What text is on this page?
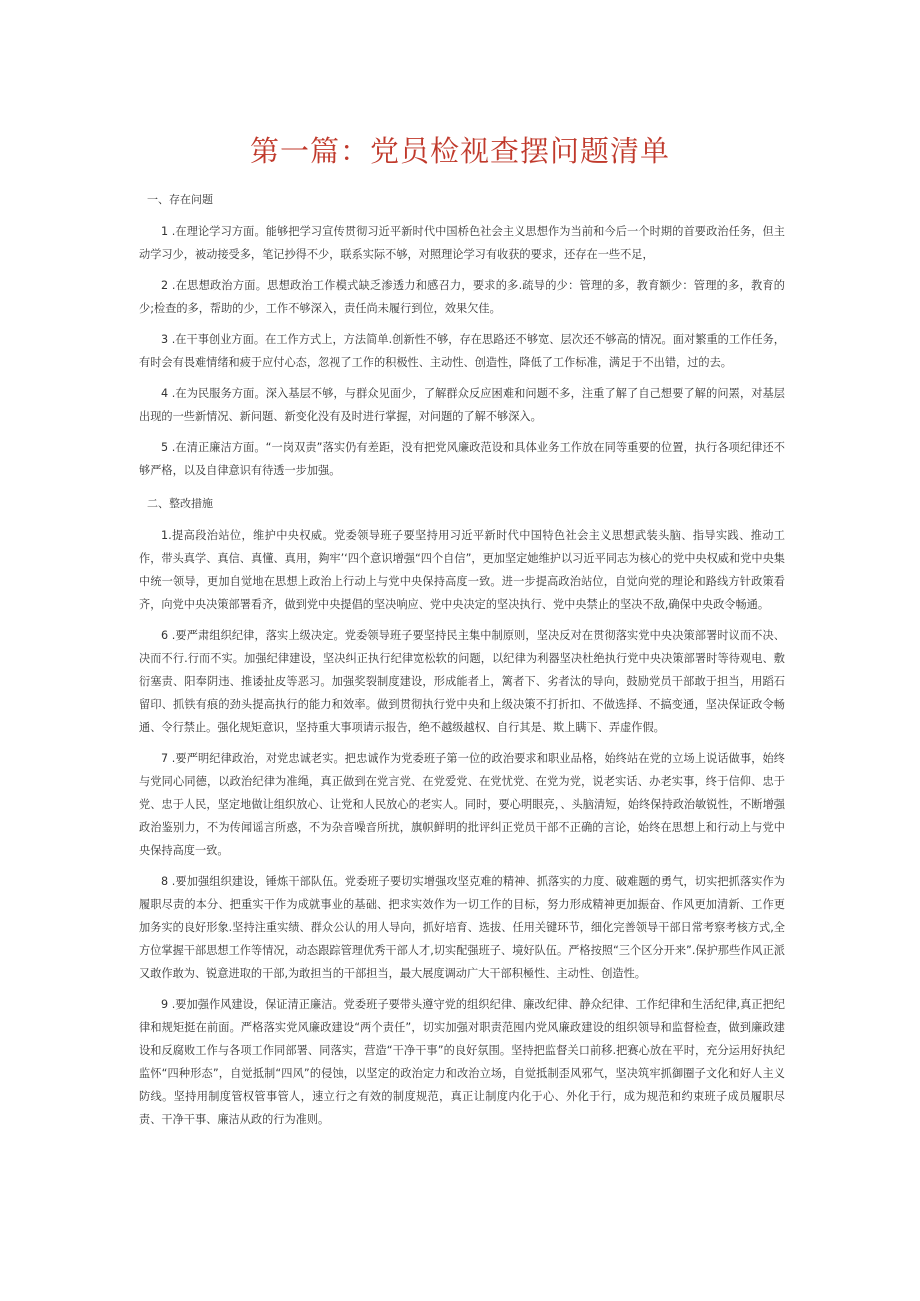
第一篇：党员检视查摆问题清单

一、存在问题

1 .在理论学习方面。能够把学习宣传贯彻习近平新时代中国桥色社会主义思想作为当前和今后一个时期的首要政治任务，但主动学习少，被动接受多，笔记抄得不少，联系实际不够，对照理论学习有收获的要求，还存在一些不足，

2 .在思想政治方面。思想政治工作模式缺乏渗透力和感召力，要求的多.疏导的少：管理的多，教育额少：管理的多，教育的少;检查的多，帮助的少，工作不够深入，责任尚未履行到位，效果欠佳。

3 .在干事创业方面。在工作方式上，方法简单.创新性不够，存在思路还不够宽、层次还不够高的情况。面对繁重的工作任务，有时会有畏难情绪和疲于应付心态，忽视了工作的积极性、主动性、创造性，降低了工作标准，满足于不出错，过的去。

4 .在为民服务方面。深入基层不够，与群众见面少，了解群众反应困难和问题不多，注重了解了自己想要了解的问罴，对基层出现的一些新情况、新问题、新变化没有及时进行掌握，对问题的了解不够深入。

5 .在清正廉洁方面。“一岗双责”落实仍有差距，没有把党风廉政范设和具体业务工作放在同等重要的位置，执行各项纪律还不够严格，以及自律意识有待透一步加强。

二、整改措施

1.提高段治站位，维护中央权威。党委领导班子要坚持用习近平新时代中国特色社会主义思想武装头脑、指导实践、推动工作，带头真学、真信、真懂、真用，夠牢’‘四个意识增强“四个自信”，更加坚定她维护以习近平同志为核心的党中央权威和党中央集中统一领导，更加自觉地在思想上政治上行动上与党中央保持高度一致。进一步提高政治站位，自觉向党的理论和路线方针政策看齐，向党中央决策部署看齐，做到党中央提倡的坚决响应、党中央决定的坚决执行、党中央禁止的坚决不敌,确保中央政令畅通。

6 .要严肃组织纪律，落实上级决定。党委领导班子要坚持民主集中制原则，坚决反对在贯彻落实党中央决策部署时议而不决、决而不行.行而不实。加强纪律建设，坚决纠正执行纪律宽松软的问题，以纪律为利器坚决杜绝执行党中央决策部署时等待观电、敷衍塞责、阳奉阴违、推诿扯皮等恶习。加强奖裂制度建设，形成能者上，篱者下、劣者汰的导向，鼓励党员干部敢于担当，用蹈石留印、抓铁有痕的劲头提高执行的能力和效率。做到贯彻执行党中央和上级决策不打折扣、不做选择、不搞变通，坚决保证政令畅通、令行禁止。强化规矩意识，坚持重大事项请示报告，绝不越级越权、自行其是、欺上瞒下、弄虚作假。

7 .要严明纪律政治，对党忠诚老实。把忠诚作为党委班子第一位的政治要求和职业品格，始终站在党的立场上说话做事，始终与党同心同德，以政治纪律为准绳，真正做到在党言党、在党爱党、在党忧党、在党为党，说老实话、办老实事，终于信仰、忠于党、忠于人民，坚定地做让组织放心、让党和人民放心的老实人。同时，要心明眼亮，、头脑清短，始终保持政治敏锐性，不断增强政治鉴别力，不为传闻谣言所惑，不为杂音噪音所扰，旗帜鲜明的批评纠正党员干部不正确的言论，始终在思想上和行动上与党中央保持高度一致。

8 .要加强组织建设，锤炼干部队伍。党委班子要切实增强攻坚克难的精神、抓落实的力度、破难题的勇气，切实把抓落实作为履职尽责的本分、把重实干作为成就事业的基础、把求实效作为一切工作的目标，努力形成精神更加振奋、作风更加清新、工作更加务实的良好形象.坚持注重实绩、群众公认的用人导向，抓好培育、选拔、任用关键环节，细化完善领导干部日常考察考核方式,全方位掌握干部思想工作等情况，动态跟踪管理优秀干部人才,切实配强班子、境好队伍。严格按照“三个区分开来”.保护那些作风正派又敢作敢为、锐意进取的干部,为敢担当的干部担当，最大展度调动广大干部积極性、主动性、创造性。

9 .要加强作风建设，保证清正廉洁。党委班子要带头遵守党的组织纪律、廉改纪律、静众纪律、工作纪律和生活纪律,真正把纪律和规矩挺在前面。严格落实党风廉政建设“两个责任”，切实加强对职责范囤内党风廉政建设的组织领导和监督检查，做到廉政建设和反腐败工作与各项工作同部署、同落实，营造“干净干事”的良好氛围。坚持把监督关口前移.把赛心放在平时，充分运用好执纪监怀“四种形态”，自觉抵制“四风”的侵蚀，以坚定的政治定力和改治立场，自觉抵制歪风邪气，坚决筑牢抓御圈子文化和好人主义防线。坚持用制度管权管事管人，速立行之有效的制度规范，真正让制度内化于心、外化于行，成为规范和约束班子成员履职尽责、干净干事、廉洁从政的行为准则。
